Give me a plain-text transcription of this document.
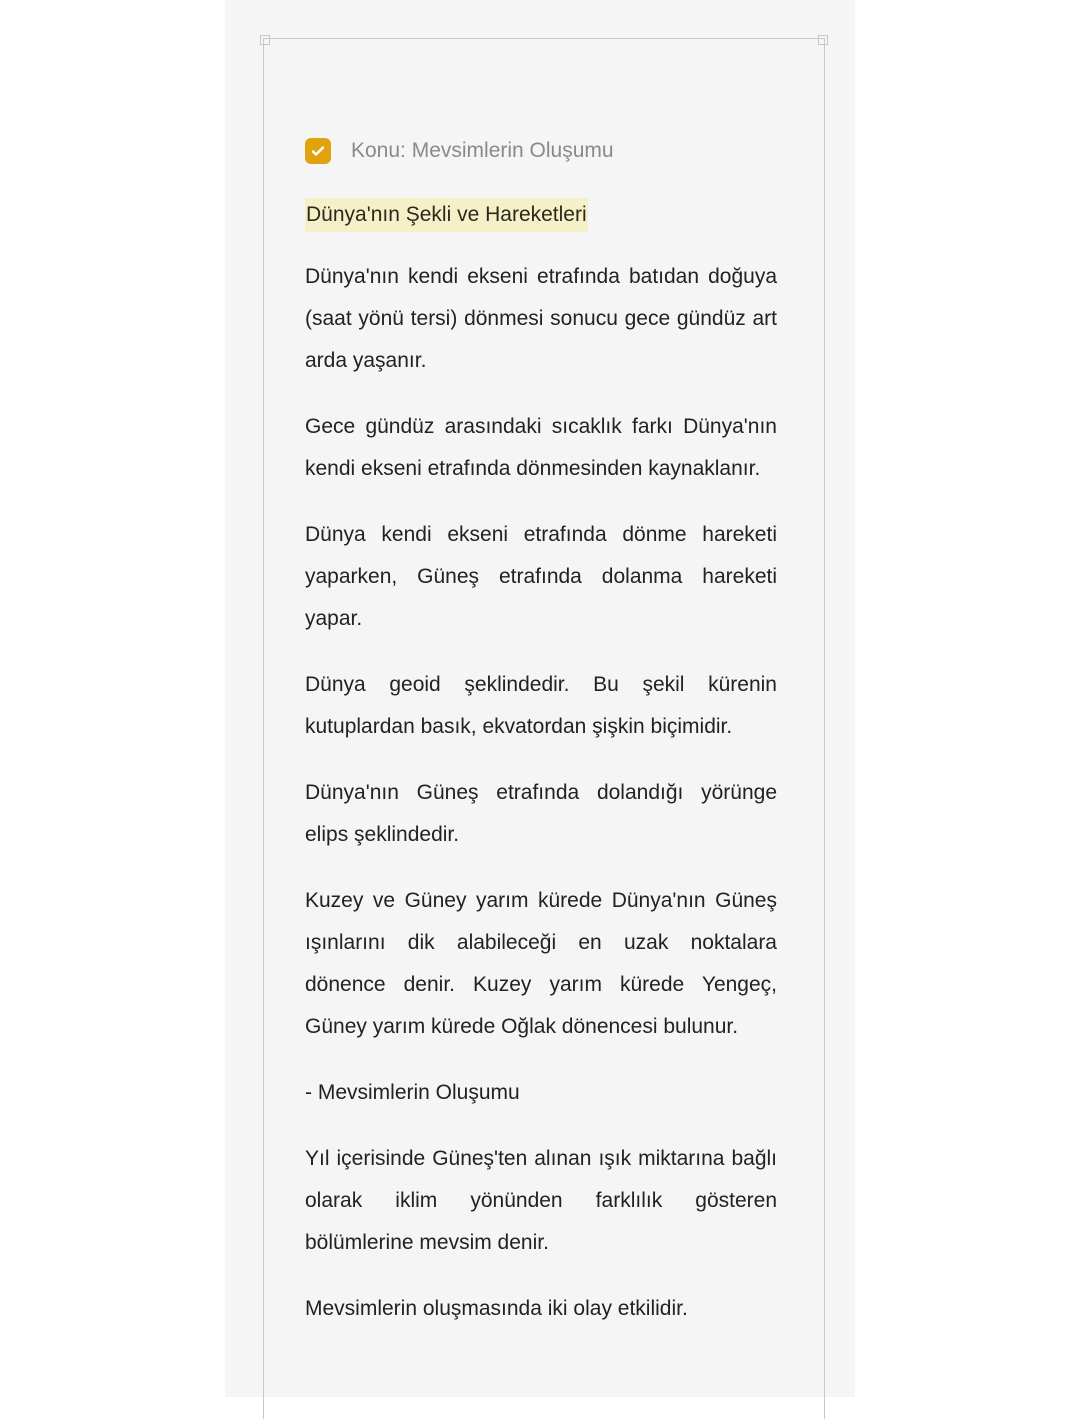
Konu: Mevsimlerin Oluşumu
Dünya'nın Şekli ve Hareketleri

Dünya'nın kendi ekseni etrafında batıdan doğuya (saat yönü tersi) dönmesi sonucu gece gündüz art arda yaşanır.

Gece gündüz arasındaki sıcaklık farkı Dünya'nın kendi ekseni etrafında dönmesinden kaynaklanır.

Dünya kendi ekseni etrafında dönme hareketi yaparken, Güneş etrafında dolanma hareketi yapar.

Dünya geoid şeklindedir. Bu şekil kürenin kutuplardan basık, ekvatordan şişkin biçimidir.

Dünya'nın Güneş etrafında dolandığı yörünge elips şeklindedir.

Kuzey ve Güney yarım kürede Dünya'nın Güneş ışınlarını dik alabileceği en uzak noktalara dönence denir. Kuzey yarım kürede Yengeç, Güney yarım kürede Oğlak dönencesi bulunur.

- Mevsimlerin Oluşumu

Yıl içerisinde Güneş'ten alınan ışık miktarına bağlı olarak iklim yönünden farklılık gösteren bölümlerine mevsim denir.

Mevsimlerin oluşmasında iki olay etkilidir.
